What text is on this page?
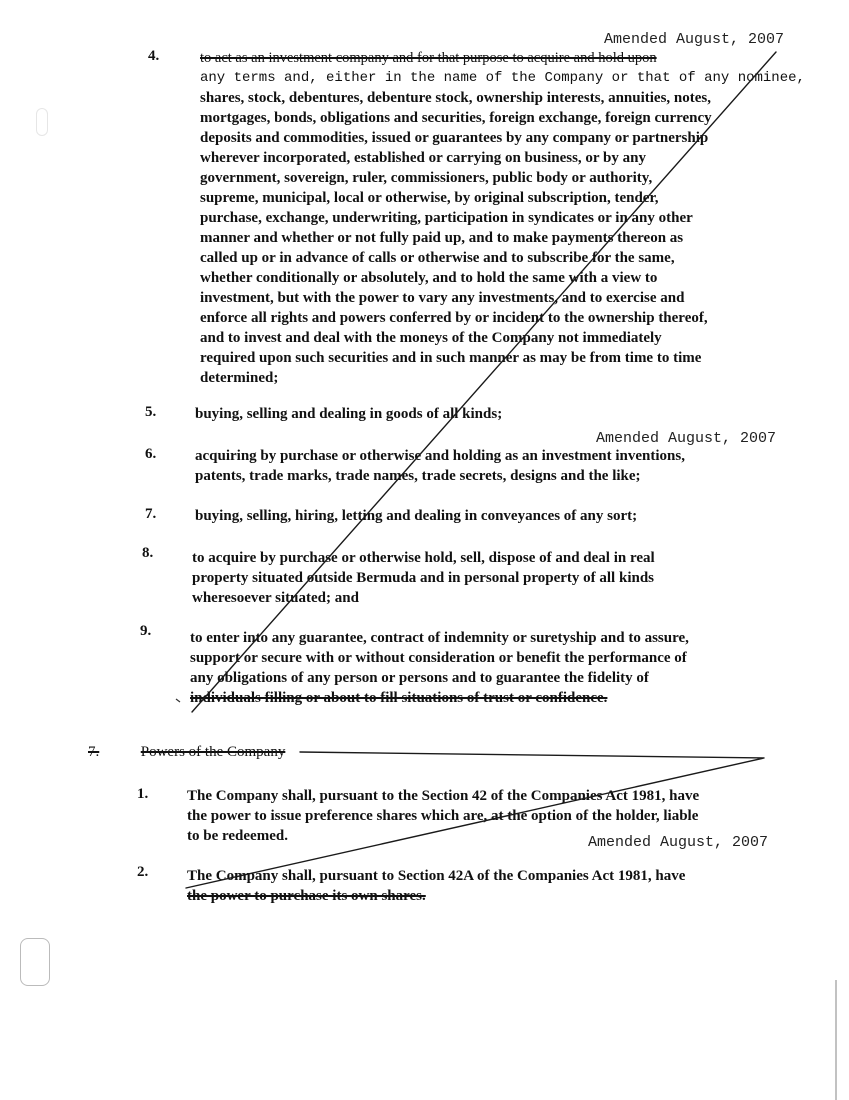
Amended August, 2007
4.	to act as an investment company and for that purpose to acquire and hold upon
any terms and, either in the name of the Company or that of any nominee,
shares, stock, debentures, debenture stock, ownership interests, annuities, notes,
mortgages, bonds, obligations and securities, foreign exchange, foreign currency
deposits and commodities, issued or guarantees by any company or partnership
wherever incorporated, established or carrying on business, or by any
government, sovereign, ruler, commissioners, public body or authority,
supreme, municipal, local or otherwise, by original subscription, tender,
purchase, exchange, underwriting, participation in syndicates or in any other
manner and whether or not fully paid up, and to make payments thereon as
called up or in advance of calls or otherwise and to subscribe for the same,
whether conditionally or absolutely, and to hold the same with a view to
investment, but with the power to vary any investments, and to exercise and
enforce all rights and powers conferred by or incident to the ownership thereof,
and to invest and deal with the moneys of the Company not immediately
required upon such securities and in such manner as may be from time to time
determined;
5.	buying, selling and dealing in goods of all kinds;
Amended August, 2007
6.	acquiring by purchase or otherwise and holding as an investment inventions,
patents, trade marks, trade names, trade secrets, designs and the like;
7.	buying, selling, hiring, letting and dealing in conveyances of any sort;
8.	to acquire by purchase or otherwise hold, sell, dispose of and deal in real
property situated outside Bermuda and in personal property of all kinds
wheresoever situated; and
9.	to enter into any guarantee, contract of indemnity or suretyship and to assure,
support or secure with or without consideration or benefit the performance of
any obligations of any person or persons and to guarantee the fidelity of
individuals filling or about to fill situations of trust or confidence.
7.	Powers of the Company
1.	The Company shall, pursuant to the Section 42 of the Companies Act 1981, have
the power to issue preference shares which are, at the option of the holder, liable
to be redeemed.	Amended August, 2007
2.	The Company shall, pursuant to Section 42A of the Companies Act 1981, have
the power to purchase its own shares.
